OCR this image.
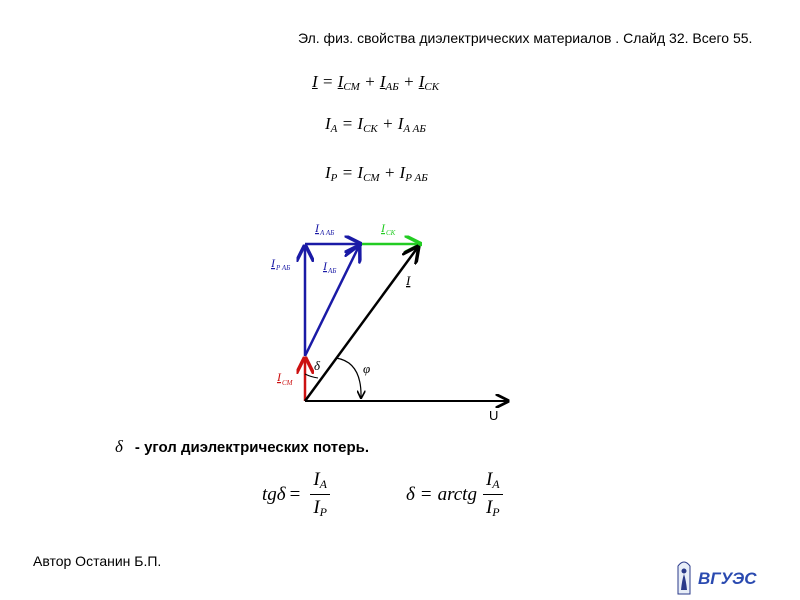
Эл. физ. свойства диэлектрических материалов . Слайд 32. Всего 55.
$I = I_{СМ} + I_{АБ} + I_{СК}$
$I_A = I_{СК} + I_{A АБ}$
$I_P = I_{СМ} + I_{P АБ}$
I A АБ	I СК
I P АБ	I АБ
I
I СМ
δ	φ
U
δ - угол диэлектрических потерь.
$tg\delta = \frac{I_A}{I_P}$	δ = arctg $\frac{I_A}{I_P}$
Автор Останин Б.П.
ВГУЭС
